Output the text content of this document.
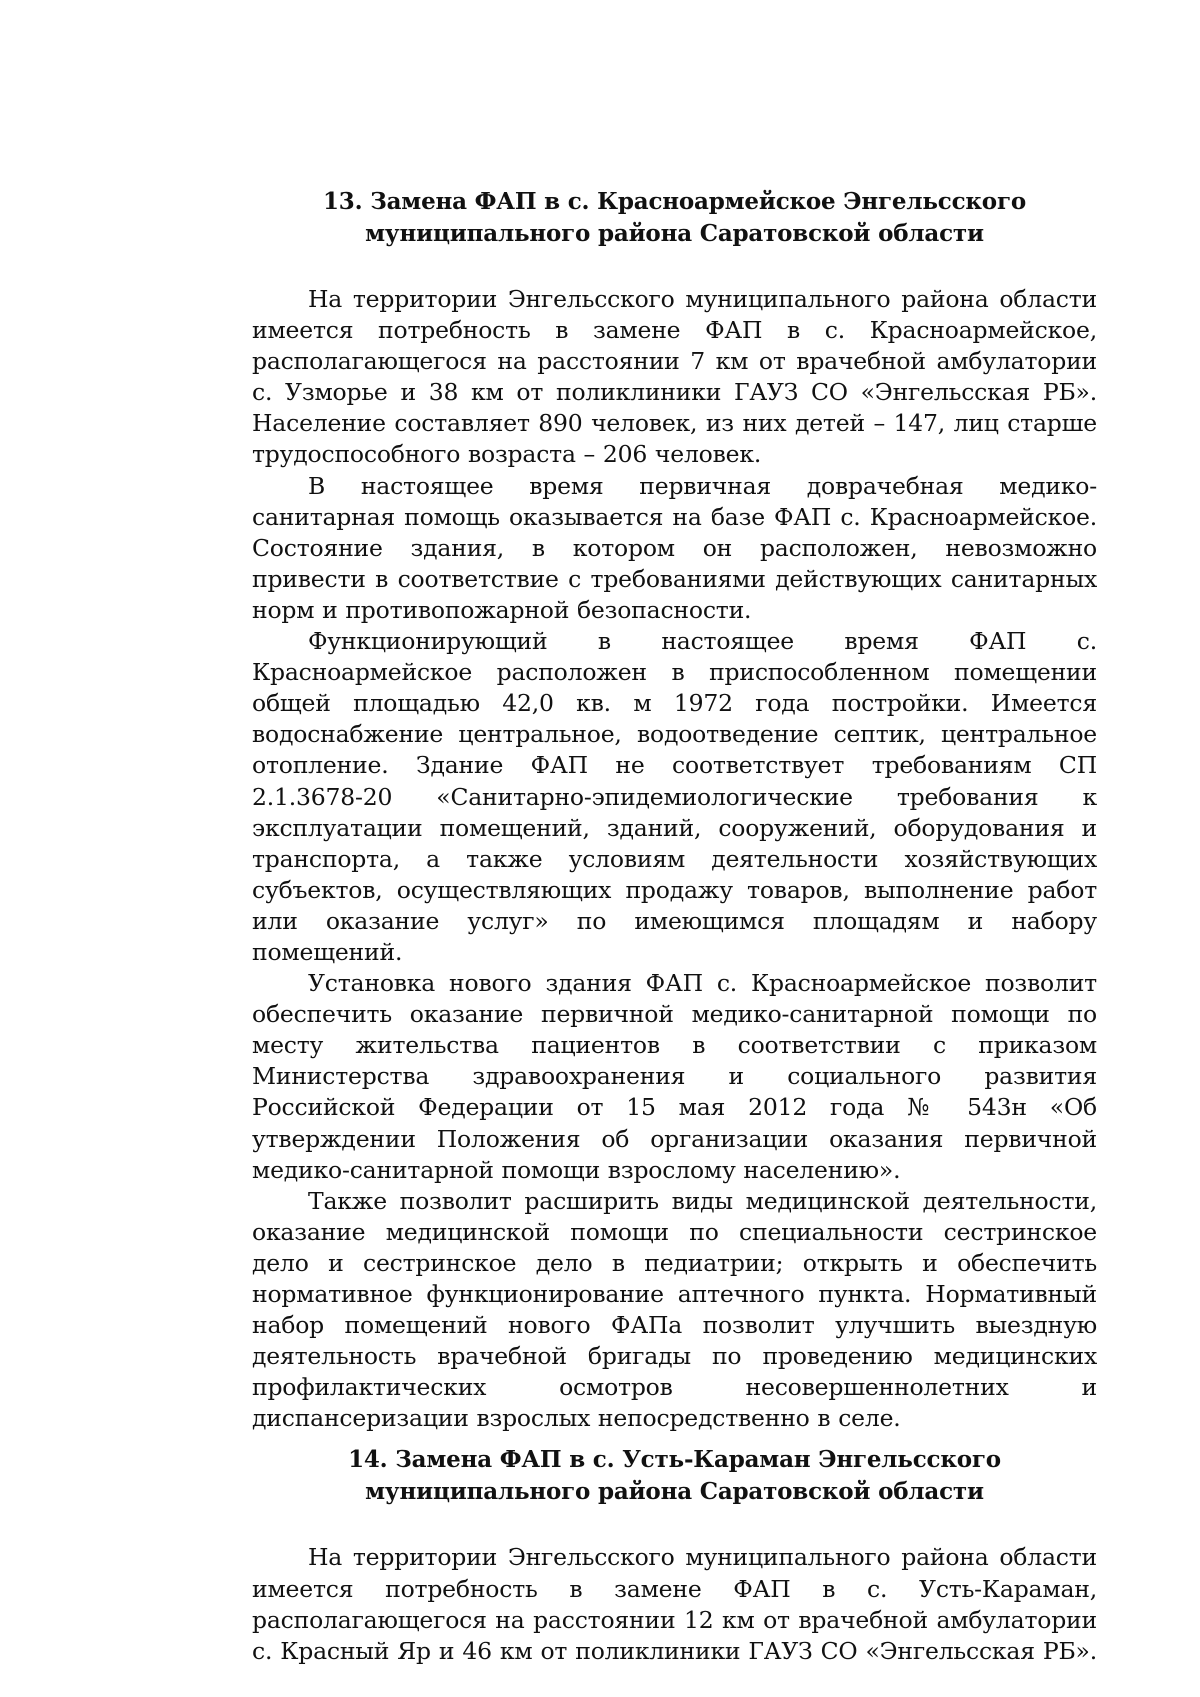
13. Замена ФАП в с. Красноармейское Энгельсского
муниципального района Саратовской области

На территории Энгельсского муниципального района области имеется потребность в замене ФАП в с. Красноармейское, располагающегося на расстоянии 7 км от врачебной амбулатории с. Узморье и 38 км от поликлиники ГАУЗ СО «Энгельсская РБ». Население составляет 890 человек, из них детей – 147, лиц старше трудоспособного возраста – 206 человек.

В настоящее время первичная доврачебная медико-санитарная помощь оказывается на базе ФАП с. Красноармейское. Состояние здания, в котором он расположен, невозможно привести в соответствие с требованиями действующих санитарных норм и противопожарной безопасности.

Функционирующий в настоящее время ФАП с. Красноармейское расположен в приспособленном помещении общей площадью 42,0 кв. м 1972 года постройки. Имеется водоснабжение центральное, водоотведение септик, центральное отопление. Здание ФАП не соответствует требованиям СП 2.1.3678-20 «Санитарно-эпидемиологические требования к эксплуатации помещений, зданий, сооружений, оборудования и транспорта, а также условиям деятельности хозяйствующих субъектов, осуществляющих продажу товаров, выполнение работ или оказание услуг» по имеющимся площадям и набору помещений.

Установка нового здания ФАП с. Красноармейское позволит обеспечить оказание первичной медико-санитарной помощи по месту жительства пациентов в соответствии с приказом Министерства здравоохранения и социального развития Российской Федерации от 15 мая 2012 года № 543н «Об утверждении Положения об организации оказания первичной медико-санитарной помощи взрослому населению».

Также позволит расширить виды медицинской деятельности, оказание медицинской помощи по специальности сестринское дело и сестринское дело в педиатрии; открыть и обеспечить нормативное функционирование аптечного пункта. Нормативный набор помещений нового ФАПа позволит улучшить выездную деятельность врачебной бригады по проведению медицинских профилактических осмотров несовершеннолетних и диспансеризации взрослых непосредственно в селе.

14. Замена ФАП в с. Усть-Караман Энгельсского
муниципального района Саратовской области

На территории Энгельсского муниципального района области имеется потребность в замене ФАП в с. Усть-Караман, располагающегося на расстоянии 12 км от врачебной амбулатории с. Красный Яр и 46 км от поликлиники ГАУЗ СО «Энгельсская РБ».
